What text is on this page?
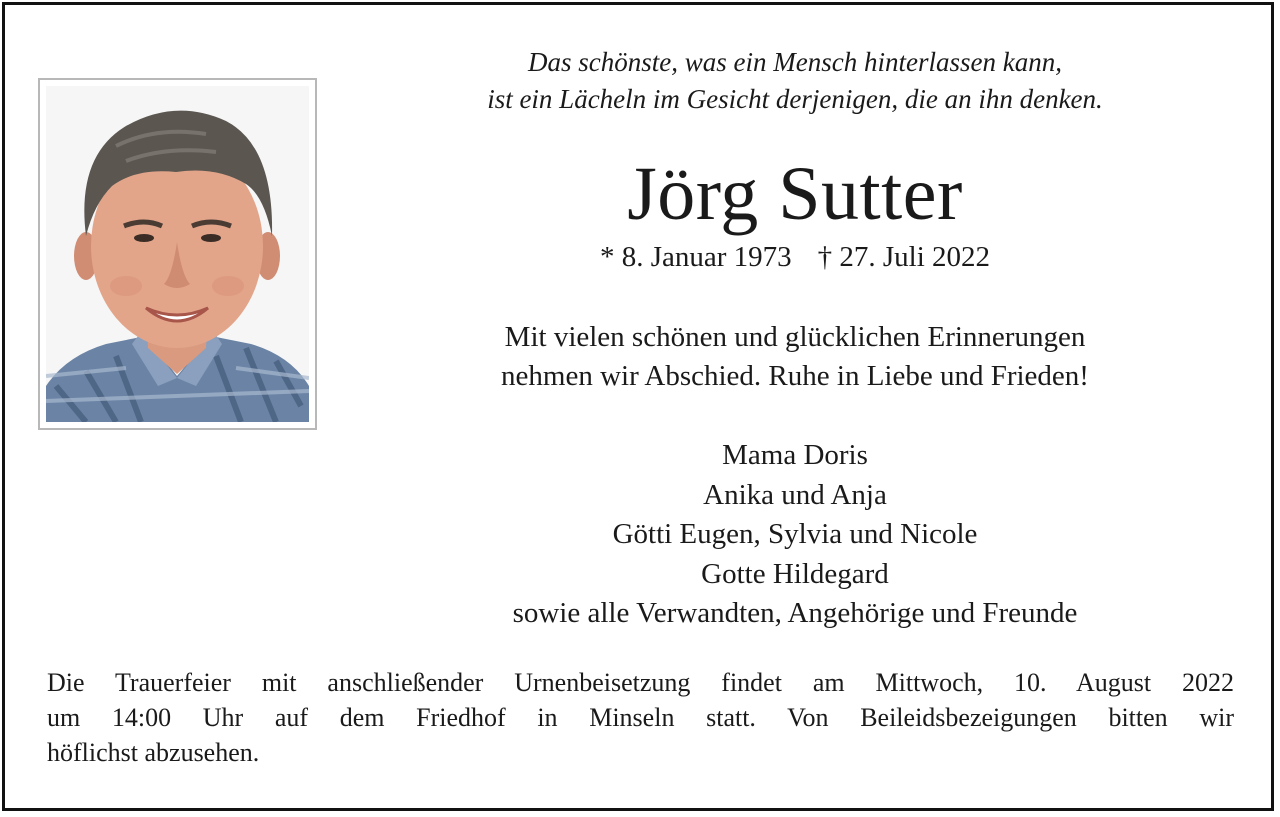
Das schönste, was ein Mensch hinterlassen kann,
ist ein Lächeln im Gesicht derjenigen, die an ihn denken.
Jörg Sutter
* 8. Januar 1973 † 27. Juli 2022
Mit vielen schönen und glücklichen Erinnerungen
nehmen wir Abschied. Ruhe in Liebe und Frieden!
Mama Doris
Anika und Anja
Götti Eugen, Sylvia und Nicole
Gotte Hildegard
sowie alle Verwandten, Angehörige und Freunde
Die Trauerfeier mit anschließender Urnenbeisetzung findet am Mittwoch, 10. August 2022
um 14:00 Uhr auf dem Friedhof in Minseln statt. Von Beileidsbezeigungen bitten wir
höflichst abzusehen.
